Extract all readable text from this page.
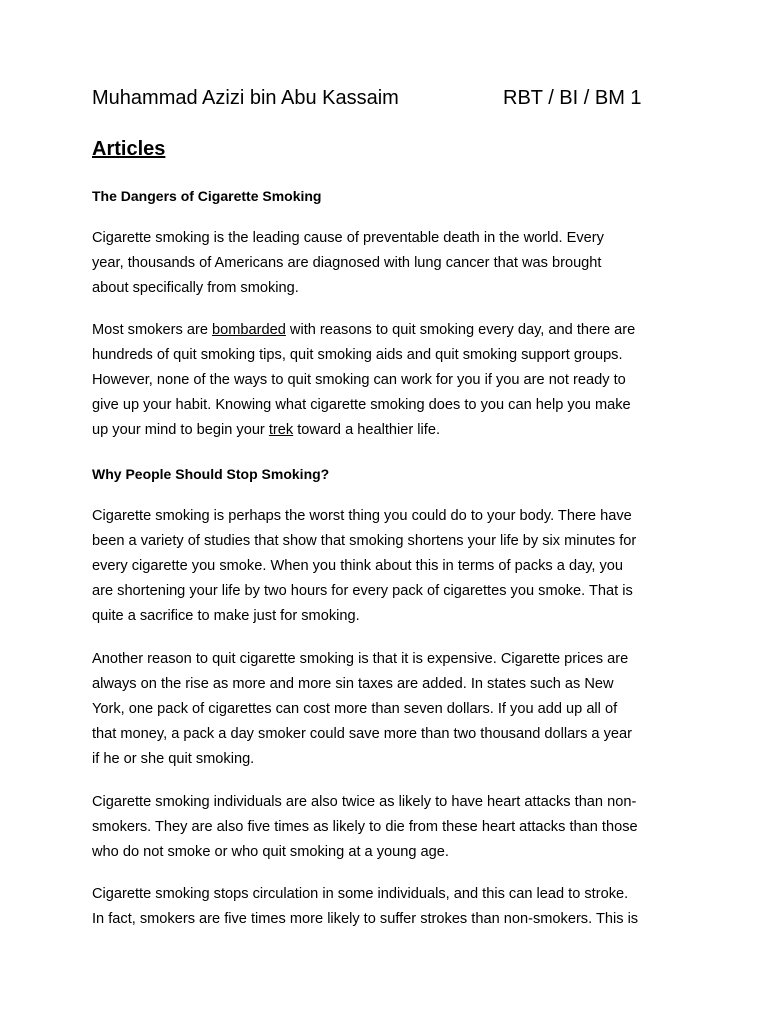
Muhammad Azizi bin Abu Kassaim	RBT / BI / BM 1
Articles
The Dangers of Cigarette Smoking
Cigarette smoking is the leading cause of preventable death in the world. Every
year, thousands of Americans are diagnosed with lung cancer that was brought
about specifically from smoking.
Most smokers are bombarded with reasons to quit smoking every day, and there are
hundreds of quit smoking tips, quit smoking aids and quit smoking support groups.
However, none of the ways to quit smoking can work for you if you are not ready to
give up your habit. Knowing what cigarette smoking does to you can help you make
up your mind to begin your trek toward a healthier life.
Why People Should Stop Smoking?
Cigarette smoking is perhaps the worst thing you could do to your body. There have
been a variety of studies that show that smoking shortens your life by six minutes for
every cigarette you smoke. When you think about this in terms of packs a day, you
are shortening your life by two hours for every pack of cigarettes you smoke. That is
quite a sacrifice to make just for smoking.
Another reason to quit cigarette smoking is that it is expensive. Cigarette prices are
always on the rise as more and more sin taxes are added. In states such as New
York, one pack of cigarettes can cost more than seven dollars. If you add up all of
that money, a pack a day smoker could save more than two thousand dollars a year
if he or she quit smoking.
Cigarette smoking individuals are also twice as likely to have heart attacks than non-
smokers. They are also five times as likely to die from these heart attacks than those
who do not smoke or who quit smoking at a young age.
Cigarette smoking stops circulation in some individuals, and this can lead to stroke.
In fact, smokers are five times more likely to suffer strokes than non-smokers. This is
